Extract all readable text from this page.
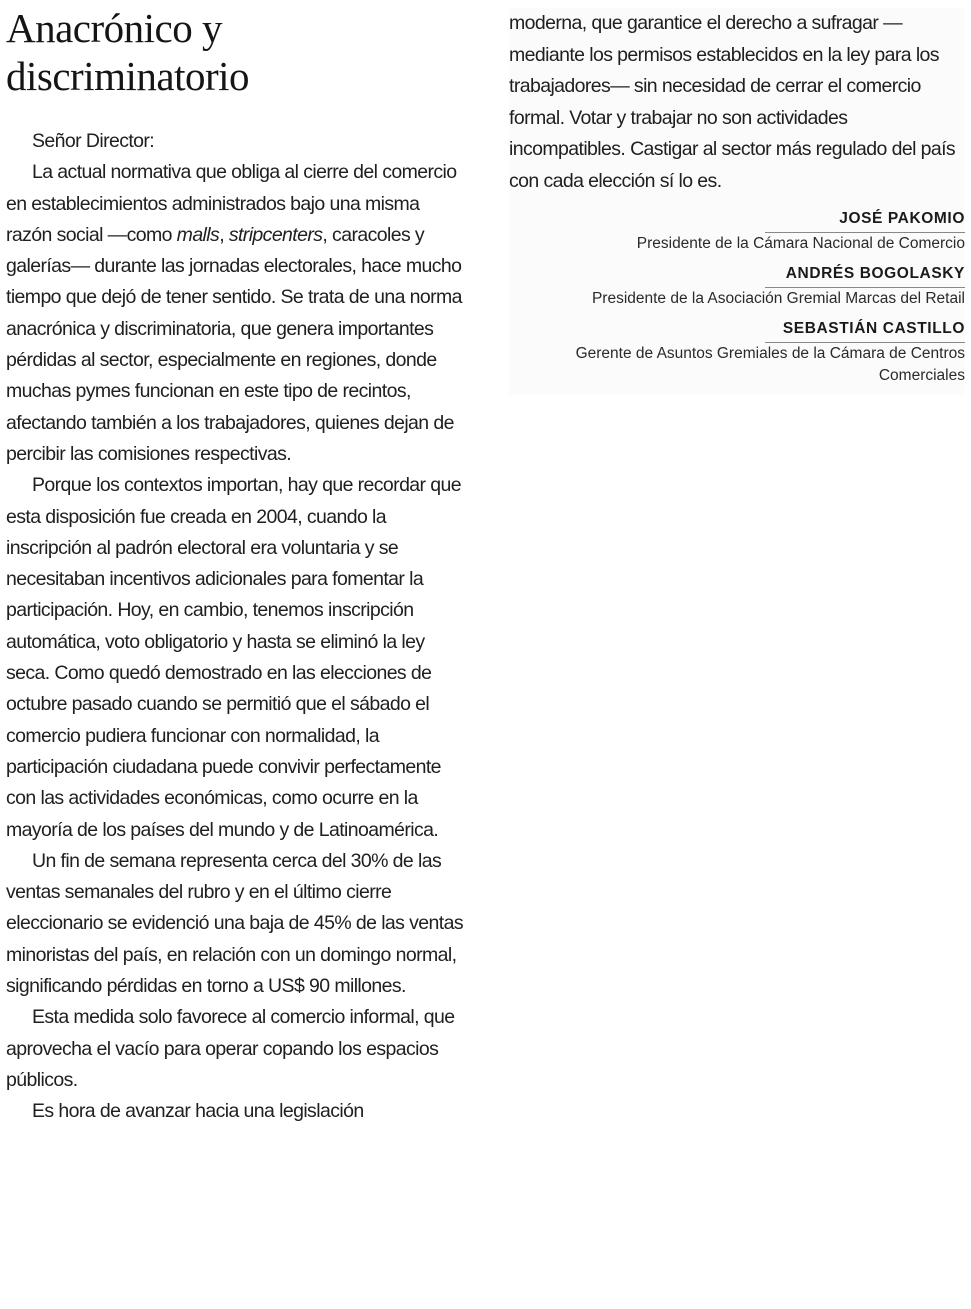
Anacrónico y discriminatorio

Señor Director:

La actual normativa que obliga al cierre del comercio en establecimientos administrados bajo una misma razón social —como malls, stripcenters, caracoles y galerías— durante las jornadas electorales, hace mucho tiempo que dejó de tener sentido. Se trata de una norma anacrónica y discriminatoria, que genera importantes pérdidas al sector, especialmente en regiones, donde muchas pymes funcionan en este tipo de recintos, afectando también a los trabajadores, quienes dejan de percibir las comisiones respectivas.

Porque los contextos importan, hay que recordar que esta disposición fue creada en 2004, cuando la inscripción al padrón electoral era voluntaria y se necesitaban incentivos adicionales para fomentar la participación. Hoy, en cambio, tenemos inscripción automática, voto obligatorio y hasta se eliminó la ley seca. Como quedó demostrado en las elecciones de octubre pasado cuando se permitió que el sábado el comercio pudiera funcionar con normalidad, la participación ciudadana puede convivir perfectamente con las actividades económicas, como ocurre en la mayoría de los países del mundo y de Latinoamérica.

Un fin de semana representa cerca del 30% de las ventas semanales del rubro y en el último cierre eleccionario se evidenció una baja de 45% de las ventas minoristas del país, en relación con un domingo normal, significando pérdidas en torno a US$ 90 millones.

Esta medida solo favorece al comercio informal, que aprovecha el vacío para operar copando los espacios públicos.

Es hora de avanzar hacia una legislación

moderna, que garantice el derecho a sufragar —mediante los permisos establecidos en la ley para los trabajadores— sin necesidad de cerrar el comercio formal. Votar y trabajar no son actividades incompatibles. Castigar al sector más regulado del país con cada elección sí lo es.

JOSÉ PAKOMIO

Presidente de la Cámara Nacional de Comercio

ANDRÉS BOGOLASKY

Presidente de la Asociación Gremial Marcas del Retail

SEBASTIÁN CASTILLO

Gerente de Asuntos Gremiales de la Cámara de Centros Comerciales
